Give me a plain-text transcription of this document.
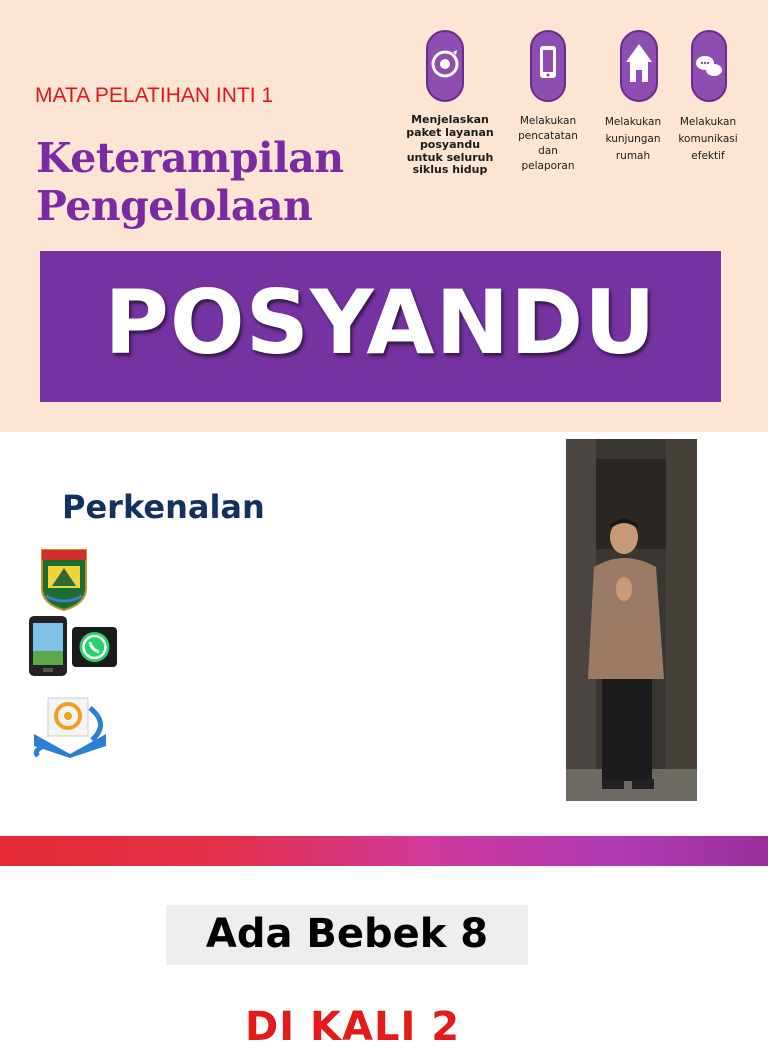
MATA PELATIHAN INTI 1
Keterampilan
Pengelolaan
Menjelaskan paket layanan posyandu untuk seluruh siklus hidup
Melakukan pencatatan dan pelaporan
Melakukan kunjungan rumah
Melakukan komunikasi efektif
POSYANDU
Perkenalan
Ada Bebek 8
DI KALI 2
